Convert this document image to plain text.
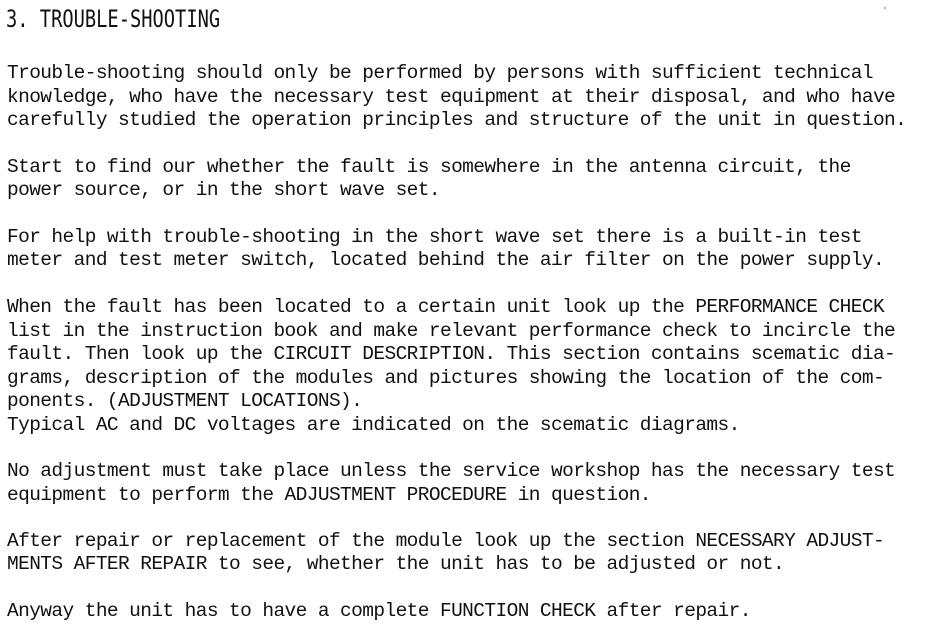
3. TROUBLE-SHOOTING

Trouble-shooting should only be performed by persons with sufficient technical

knowledge, who have the necessary test equipment at their disposal, and who have

carefully studied the operation principles and structure of the unit in question.

Start to find our whether the fault is somewhere in the antenna circuit, the

power source, or in the short wave set.

For help with trouble-shooting in the short wave set there is a built-in test

meter and test meter switch, located behind the air filter on the power supply.

When the fault has been located to a certain unit look up the PERFORMANCE CHECK

list in the instruction book and make relevant performance check to incircle the

fault. Then look up the CIRCUIT DESCRIPTION. This section contains scematic dia-

grams, description of the modules and pictures showing the location of the com-

ponents. (ADJUSTMENT LOCATIONS).

Typical AC and DC voltages are indicated on the scematic diagrams.

No adjustment must take place unless the service workshop has the necessary test

equipment to perform the ADJUSTMENT PROCEDURE in question.

After repair or replacement of the module look up the section NECESSARY ADJUST-

MENTS AFTER REPAIR to see, whether the unit has to be adjusted or not.

Anyway the unit has to have a complete FUNCTION CHECK after repair.
